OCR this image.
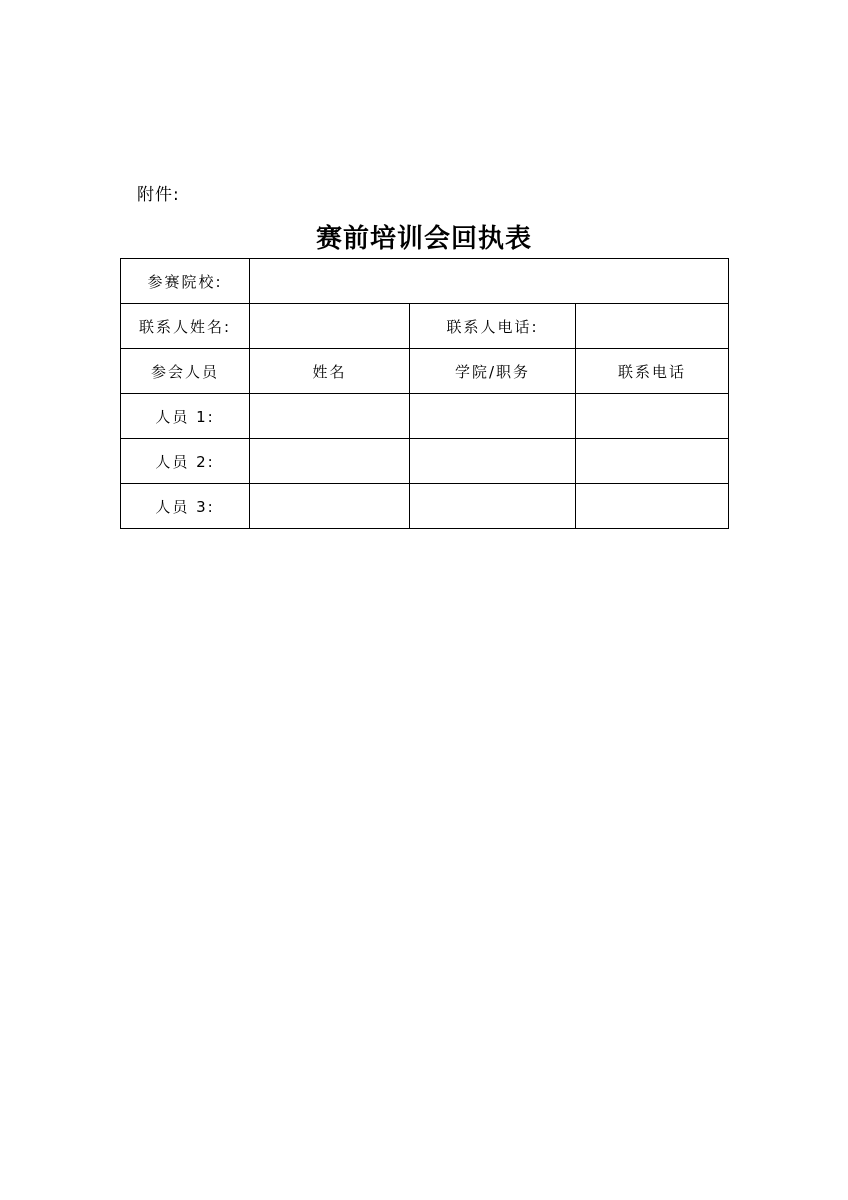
附件:
赛前培训会回执表
参赛院校:			
联系人姓名:		联系人电话:	
参会人员	姓名	学院/职务	联系电话
人员 1:			
人员 2:			
人员 3:			
